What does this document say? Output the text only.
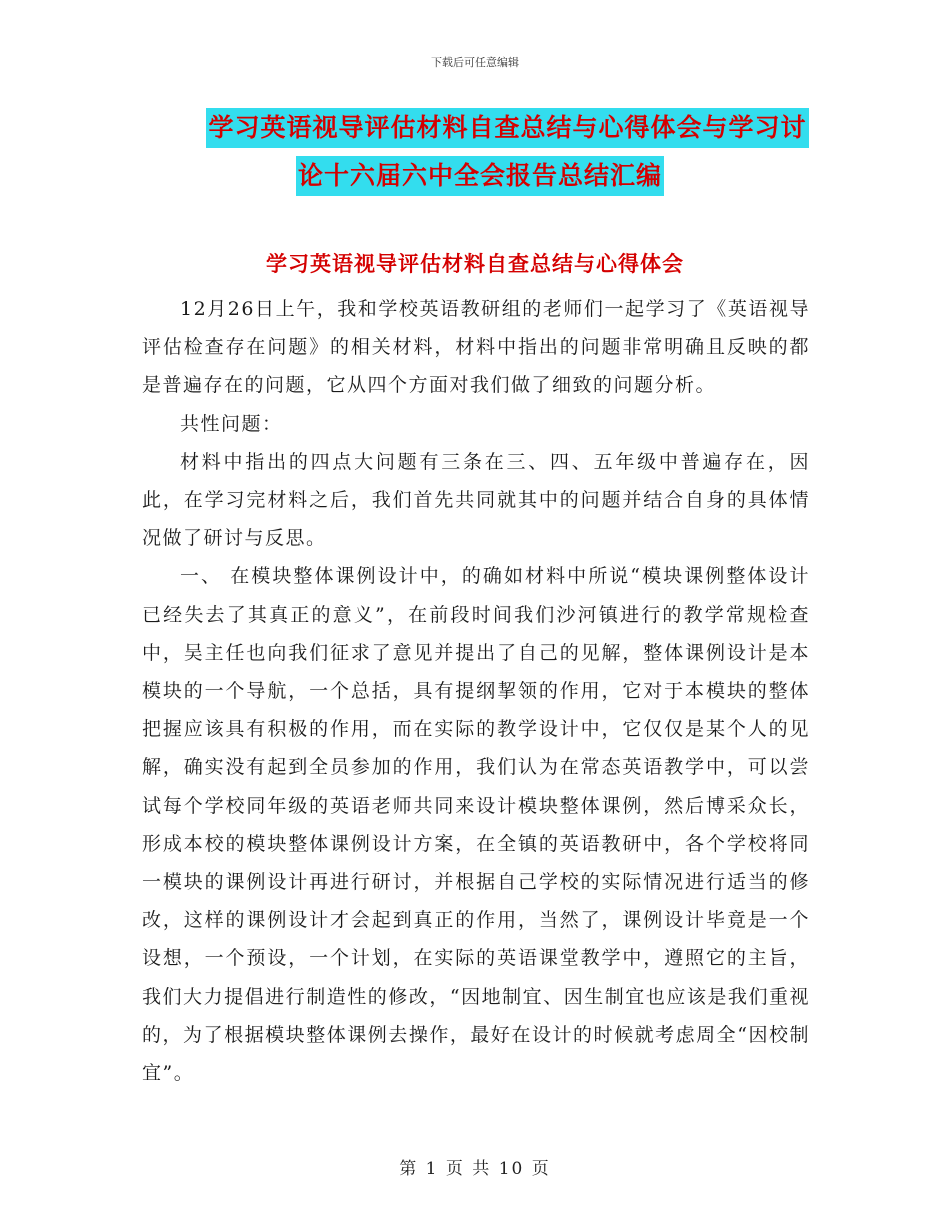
下载后可任意编辑
学习英语视导评估材料自查总结与心得体会与学习讨
论十六届六中全会报告总结汇编
学习英语视导评估材料自查总结与心得体会

12月26日上午，我和学校英语教研组的老师们一起学习了《英语视导评估检查存在问题》的相关材料，材料中指出的问题非常明确且反映的都是普遍存在的问题，它从四个方面对我们做了细致的问题分析。

共性问题：

材料中指出的四点大问题有三条在三、四、五年级中普遍存在，因此，在学习完材料之后，我们首先共同就其中的问题并结合自身的具体情况做了研讨与反思。

一、 在模块整体课例设计中，的确如材料中所说“模块课例整体设计已经失去了其真正的意义”，在前段时间我们沙河镇进行的教学常规检查中，吴主任也向我们征求了意见并提出了自己的见解，整体课例设计是本模块的一个导航，一个总括，具有提纲挈领的作用，它对于本模块的整体把握应该具有积极的作用，而在实际的教学设计中，它仅仅是某个人的见解，确实没有起到全员参加的作用，我们认为在常态英语教学中，可以尝试每个学校同年级的英语老师共同来设计模块整体课例，然后博采众长，形成本校的模块整体课例设计方案，在全镇的英语教研中，各个学校将同一模块的课例设计再进行研讨，并根据自己学校的实际情况进行适当的修改，这样的课例设计才会起到真正的作用，当然了，课例设计毕竟是一个设想，一个预设，一个计划，在实际的英语课堂教学中，遵照它的主旨，我们大力提倡进行制造性的修改，“因地制宜、因生制宜也应该是我们重视的，为了根据模块整体课例去操作，最好在设计的时候就考虑周全“因校制宜”。

第 1 页 共 10 页
